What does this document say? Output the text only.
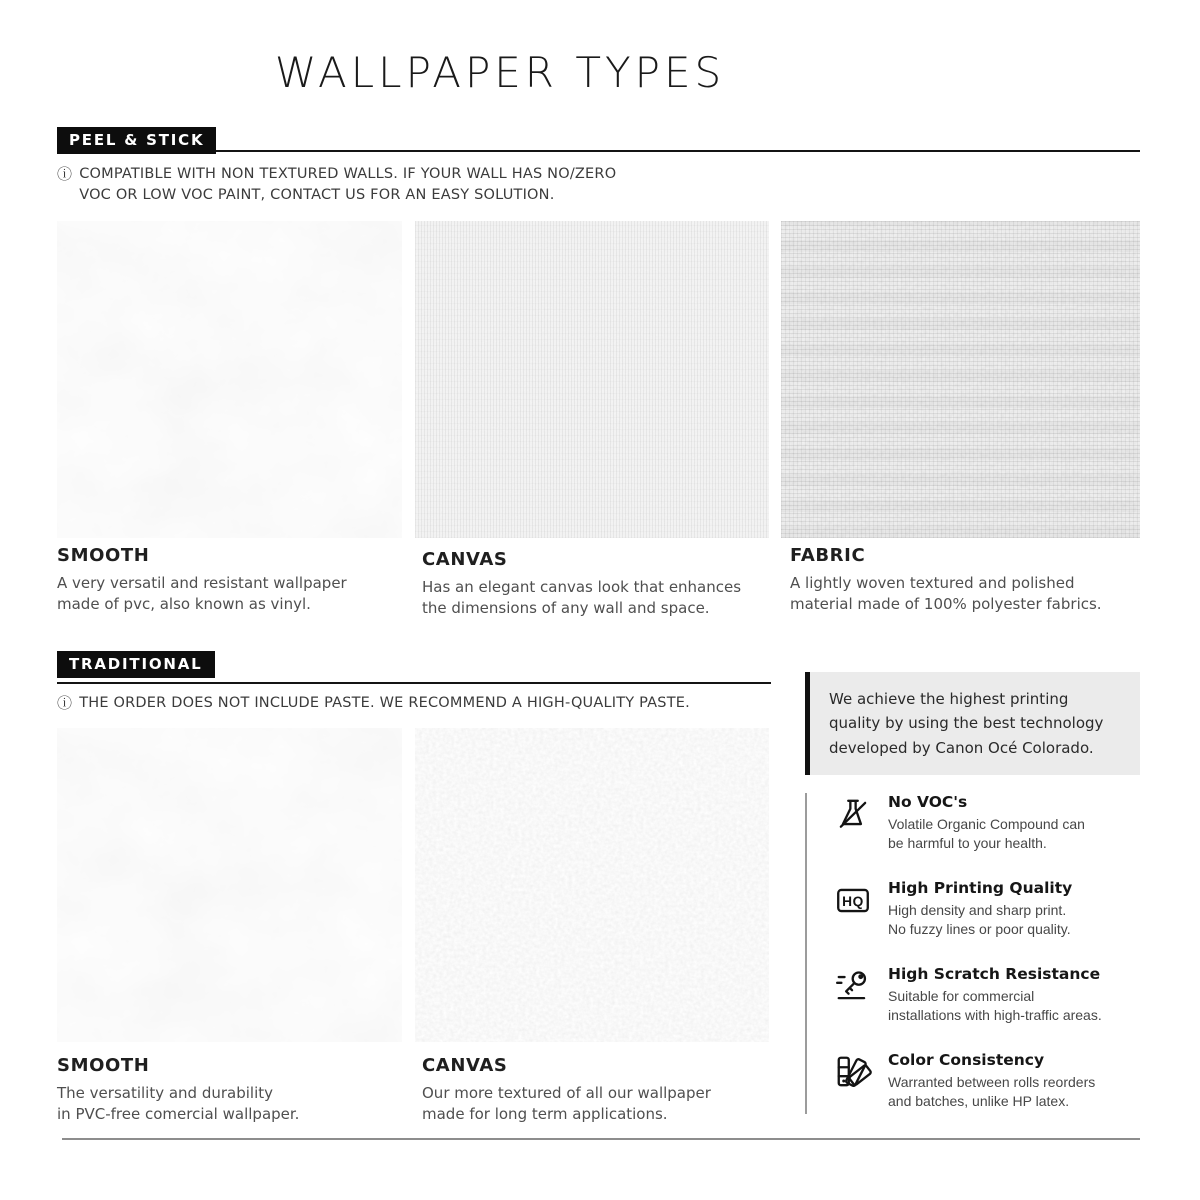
WALLPAPER TYPES
PEEL & STICK
ⓘ COMPATIBLE WITH NON TEXTURED WALLS. IF YOUR WALL HAS NO/ZERO
VOC OR LOW VOC PAINT, CONTACT US FOR AN EASY SOLUTION.
SMOOTH
A very versatil and resistant wallpaper
made of pvc, also known as vinyl.
CANVAS
Has an elegant canvas look that enhances
the dimensions of any wall and space.
FABRIC
A lightly woven textured and polished
material made of 100% polyester fabrics.
TRADITIONAL
ⓘ THE ORDER DOES NOT INCLUDE PASTE. WE RECOMMEND A HIGH-QUALITY PASTE.
SMOOTH
The versatility and durability
in PVC-free comercial wallpaper.
CANVAS
Our more textured of all our wallpaper
made for long term applications.
We achieve the highest printing
quality by using the best technology
developed by Canon Océ Colorado.
No VOC's
Volatile Organic Compound can
be harmful to your health.
HQ
High Printing Quality
High density and sharp print.
No fuzzy lines or poor quality.
High Scratch Resistance
Suitable for commercial
installations with high-traffic areas.
Color Consistency
Warranted between rolls reorders
and batches, unlike HP latex.
